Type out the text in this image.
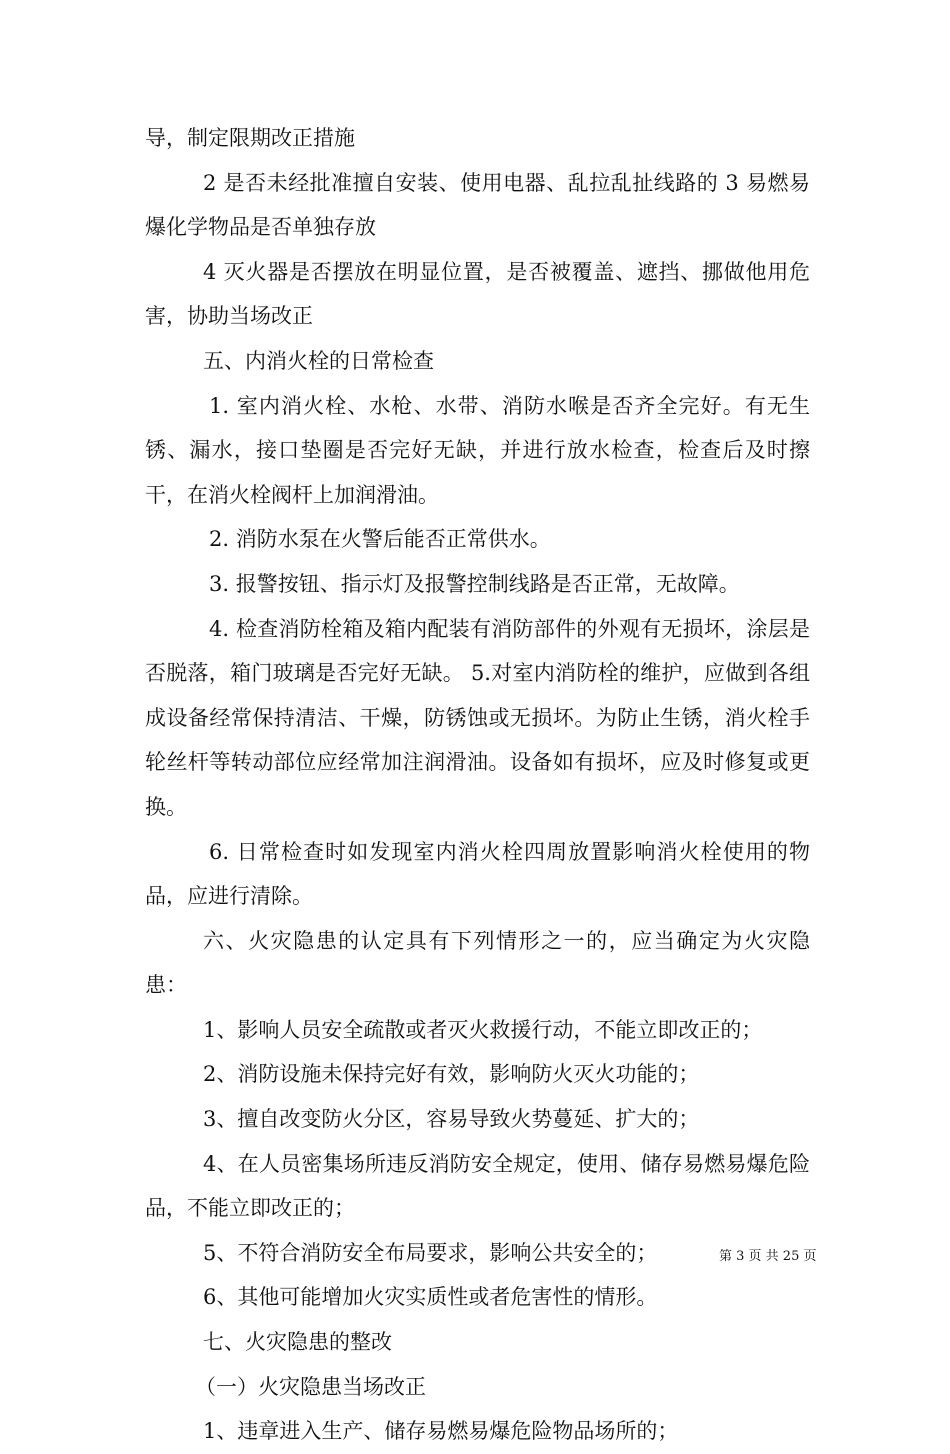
导，制定限期改正措施

2 是否未经批准擅自安装、使用电器、乱拉乱扯线路的 3 易燃易爆化学物品是否单独存放

4 灭火器是否摆放在明显位置，是否被覆盖、遮挡、挪做他用危害，协助当场改正

五、内消火栓的日常检查

1. 室内消火栓、水枪、水带、消防水喉是否齐全完好。有无生锈、漏水，接口垫圈是否完好无缺，并进行放水检查，检查后及时擦干，在消火栓阀杆上加润滑油。

2. 消防水泵在火警后能否正常供水。

3. 报警按钮、指示灯及报警控制线路是否正常，无故障。

4. 检查消防栓箱及箱内配装有消防部件的外观有无损坏，涂层是否脱落，箱门玻璃是否完好无缺。 5.对室内消防栓的维护，应做到各组成设备经常保持清洁、干燥，防锈蚀或无损坏。为防止生锈，消火栓手轮丝杆等转动部位应经常加注润滑油。设备如有损坏，应及时修复或更换。

6. 日常检查时如发现室内消火栓四周放置影响消火栓使用的物品，应进行清除。

六、火灾隐患的认定具有下列情形之一的，应当确定为火灾隐患：

1、影响人员安全疏散或者灭火救援行动，不能立即改正的；

2、消防设施未保持完好有效，影响防火灭火功能的；

3、擅自改变防火分区，容易导致火势蔓延、扩大的；

4、在人员密集场所违反消防安全规定，使用、储存易燃易爆危险品，不能立即改正的；

5、不符合消防安全布局要求，影响公共安全的；

6、其他可能增加火灾实质性或者危害性的情形。

七、火灾隐患的整改

（一）火灾隐患当场改正

1、违章进入生产、储存易燃易爆危险物品场所的；

第 3 页 共 25 页
